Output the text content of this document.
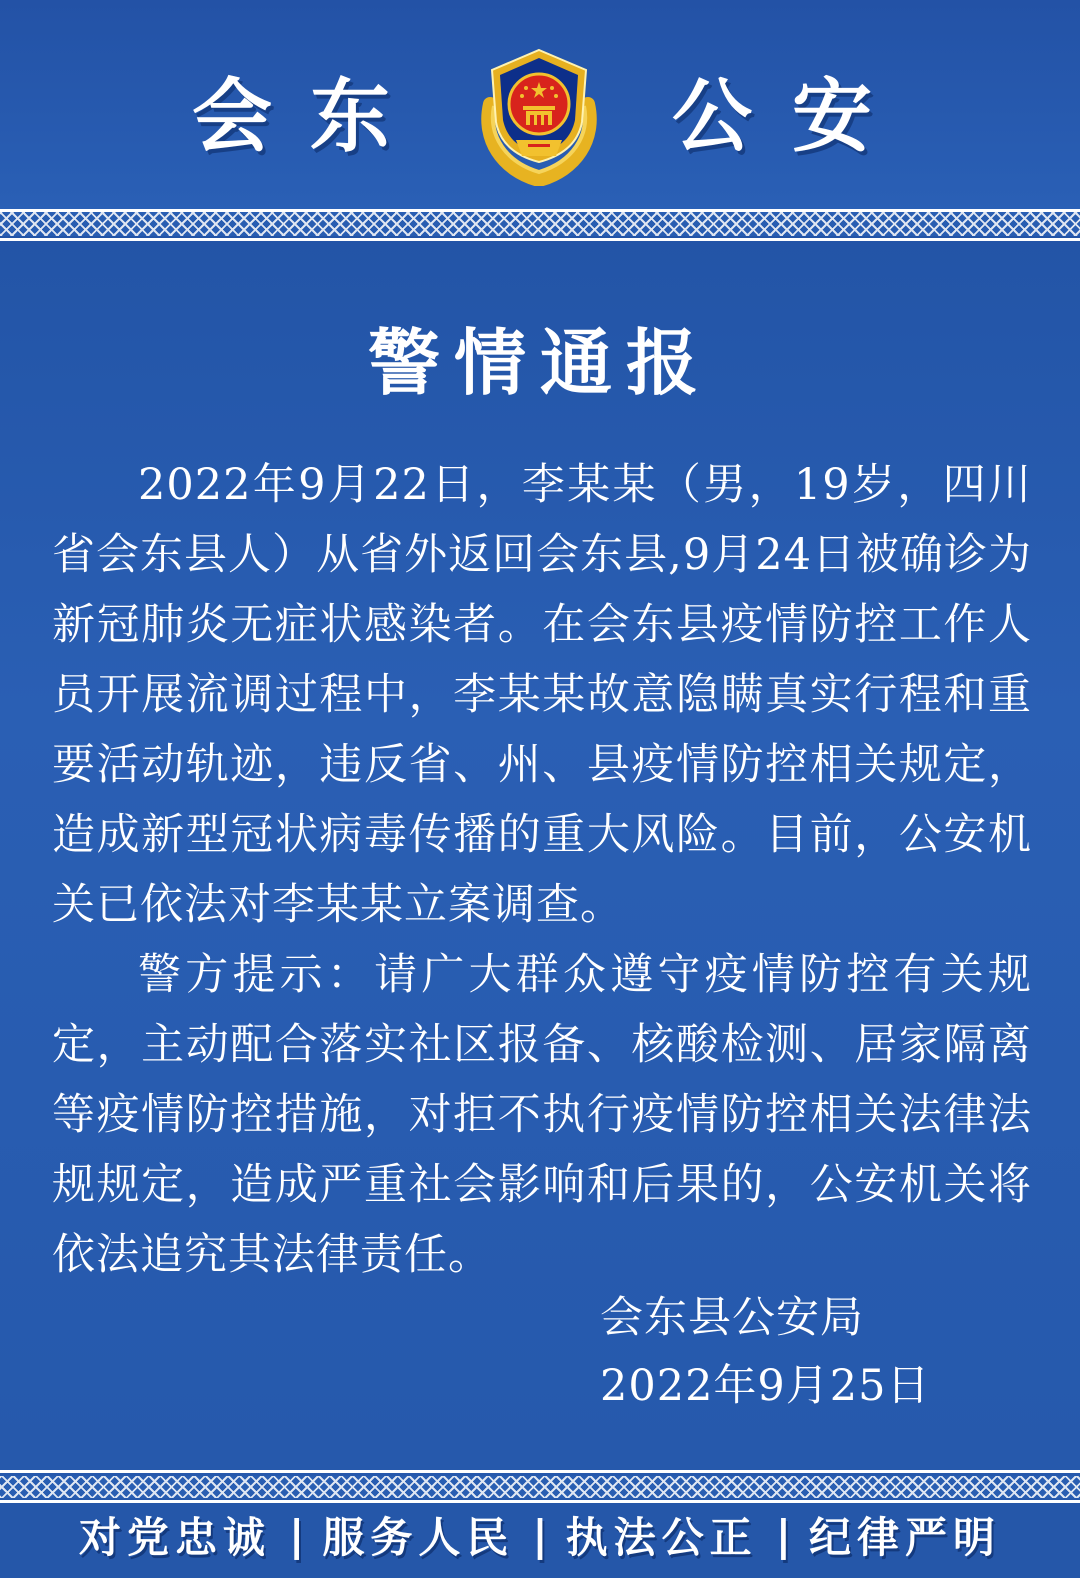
会 东	公 安
警情通报

2022年9月22日，李某某（男，19岁，四川省会东县人）从省外返回会东县,9月24日被确诊为新冠肺炎无症状感染者。在会东县疫情防控工作人员开展流调过程中，李某某故意隐瞒真实行程和重要活动轨迹，违反省、州、县疫情防控相关规定，造成新型冠状病毒传播的重大风险。目前，公安机关已依法对李某某立案调查。

警方提示：请广大群众遵守疫情防控有关规定，主动配合落实社区报备、核酸检测、居家隔离等疫情防控措施，对拒不执行疫情防控相关法律法规规定，造成严重社会影响和后果的，公安机关将依法追究其法律责任。

会东县公安局
2022年9月25日
对党忠诚 | 服务人民 | 执法公正 | 纪律严明
